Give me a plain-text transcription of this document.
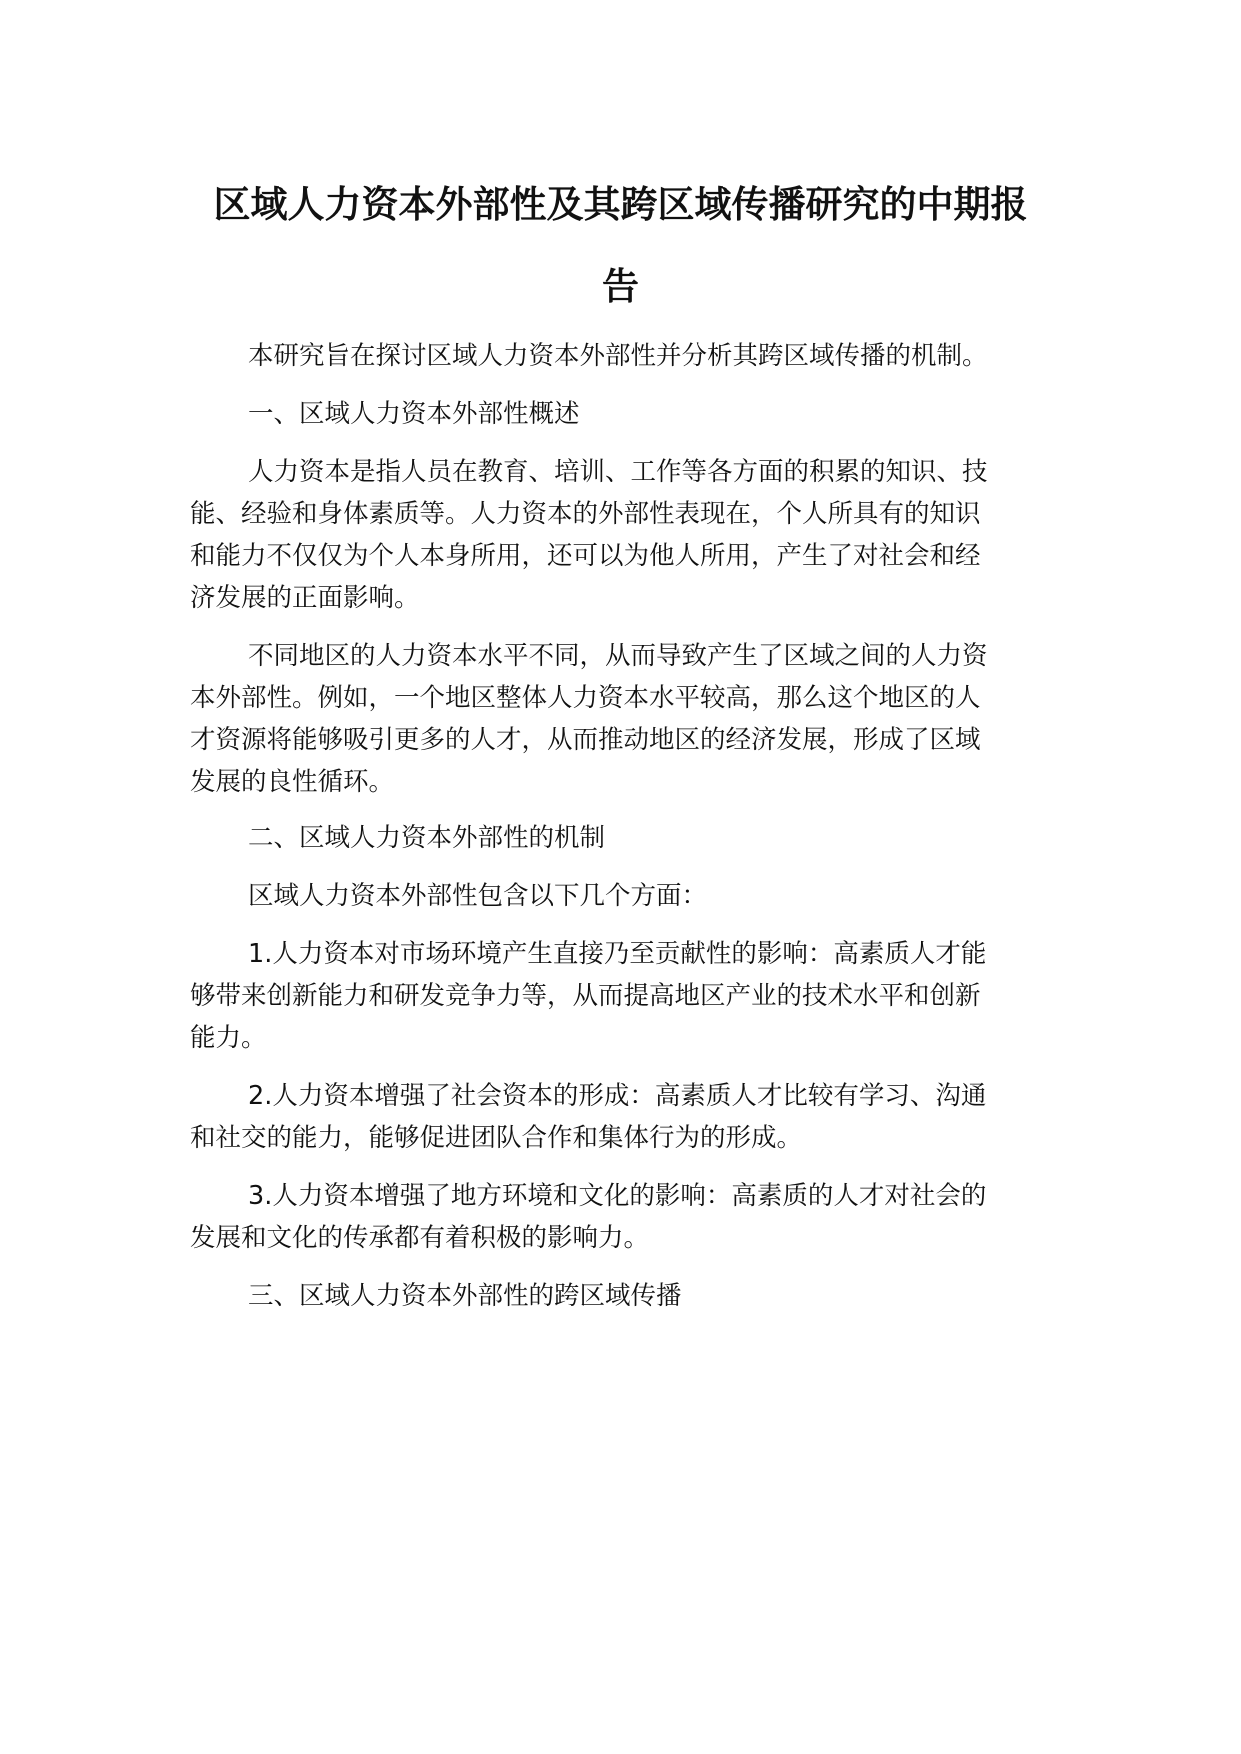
区域人力资本外部性及其跨区域传播研究的中期报
告
本研究旨在探讨区域人力资本外部性并分析其跨区域传播的机制。
一、区域人力资本外部性概述
人力资本是指人员在教育、培训、工作等各方面的积累的知识、技
能、经验和身体素质等。人力资本的外部性表现在，个人所具有的知识
和能力不仅仅为个人本身所用，还可以为他人所用，产生了对社会和经
济发展的正面影响。
不同地区的人力资本水平不同，从而导致产生了区域之间的人力资
本外部性。例如，一个地区整体人力资本水平较高，那么这个地区的人
才资源将能够吸引更多的人才，从而推动地区的经济发展，形成了区域
发展的良性循环。
二、区域人力资本外部性的机制
区域人力资本外部性包含以下几个方面：
1.人力资本对市场环境产生直接乃至贡献性的影响：高素质人才能
够带来创新能力和研发竞争力等，从而提高地区产业的技术水平和创新
能力。
2.人力资本增强了社会资本的形成：高素质人才比较有学习、沟通
和社交的能力，能够促进团队合作和集体行为的形成。
3.人力资本增强了地方环境和文化的影响：高素质的人才对社会的
发展和文化的传承都有着积极的影响力。
三、区域人力资本外部性的跨区域传播
